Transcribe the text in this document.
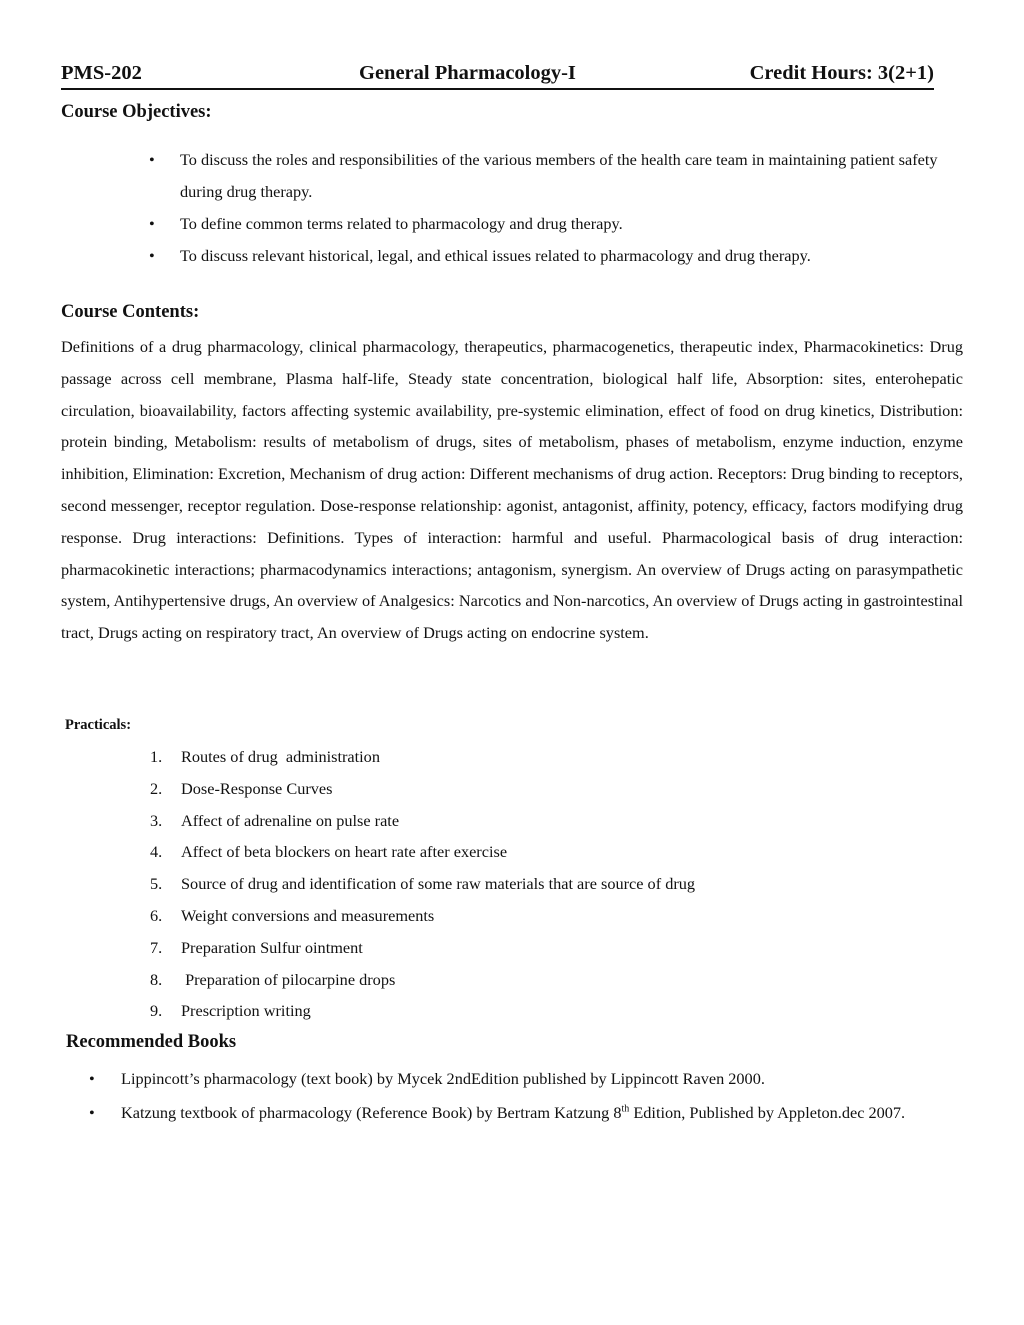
PMS-202	General Pharmacology-I	Credit Hours: 3(2+1)
Course Objectives:
• To discuss the roles and responsibilities of the various members of the health care team in maintaining patient safety during drug therapy.
• To define common terms related to pharmacology and drug therapy.
• To discuss relevant historical, legal, and ethical issues related to pharmacology and drug therapy.
Course Contents:

Definitions of a drug pharmacology, clinical pharmacology, therapeutics, pharmacogenetics, therapeutic index, Pharmacokinetics: Drug passage across cell membrane, Plasma half-life, Steady state concentration, biological half life, Absorption: sites, enterohepatic circulation, bioavailability, factors affecting systemic availability, pre-systemic elimination, effect of food on drug kinetics, Distribution: protein binding, Metabolism: results of metabolism of drugs, sites of metabolism, phases of metabolism, enzyme induction, enzyme inhibition, Elimination: Excretion, Mechanism of drug action: Different mechanisms of drug action. Receptors: Drug binding to receptors, second messenger, receptor regulation. Dose-response relationship: agonist, antagonist, affinity, potency, efficacy, factors modifying drug response. Drug interactions: Definitions. Types of interaction: harmful and useful. Pharmacological basis of drug interaction: pharmacokinetic interactions; pharmacodynamics interactions; antagonism, synergism. An overview of Drugs acting on parasympathetic system, Antihypertensive drugs, An overview of Analgesics: Narcotics and Non-narcotics, An overview of Drugs acting in gastrointestinal tract, Drugs acting on respiratory tract, An overview of Drugs acting on endocrine system.

Practicals:
1. Routes of drug  administration
2. Dose-Response Curves
3. Affect of adrenaline on pulse rate
4. Affect of beta blockers on heart rate after exercise
5. Source of drug and identification of some raw materials that are source of drug
6. Weight conversions and measurements
7. Preparation Sulfur ointment
8. Preparation of pilocarpine drops
9. Prescription writing
Recommended Books
• Lippincott’s pharmacology (text book) by Mycek 2ndEdition published by Lippincott Raven 2000.
• Katzung textbook of pharmacology (Reference Book) by Bertram Katzung 8th Edition, Published by Appleton.dec 2007.
